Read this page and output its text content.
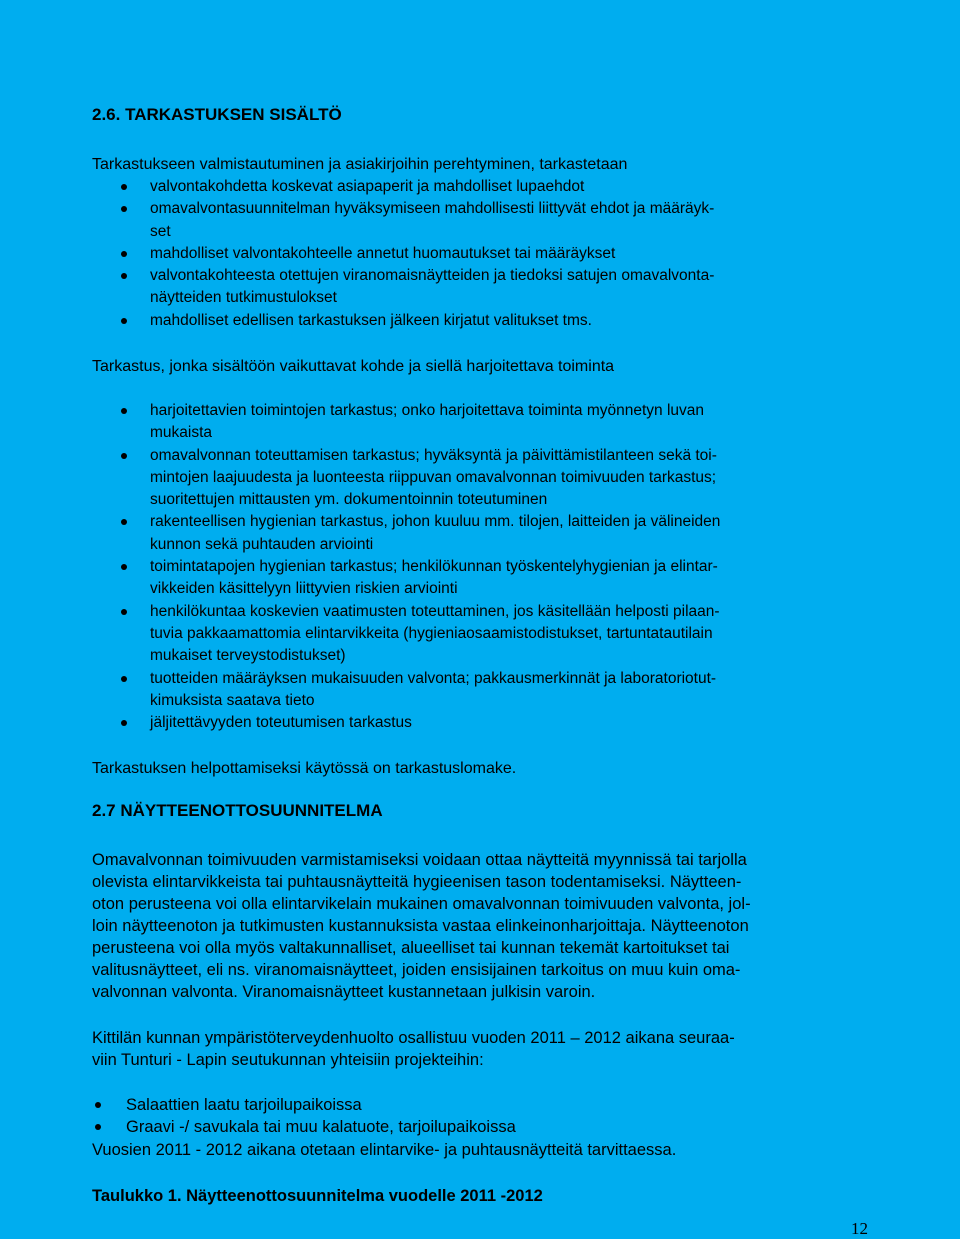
2.6. TARKASTUKSEN SISÄLTÖ

Tarkastukseen valmistautuminen ja asiakirjoihin perehtyminen, tarkastetaan

valvontakohdetta koskevat asiapaperit ja mahdolliset lupaehdot
omavalvontasuunnitelman hyväksymiseen mahdollisesti liittyvät ehdot ja määräyk-
set
mahdolliset valvontakohteelle annetut huomautukset tai määräykset
valvontakohteesta otettujen viranomaisnäytteiden ja tiedoksi satujen omavalvonta-
näytteiden tutkimustulokset
mahdolliset edellisen tarkastuksen jälkeen kirjatut valitukset tms.

Tarkastus, jonka sisältöön vaikuttavat kohde ja siellä harjoitettava toiminta

harjoitettavien toimintojen tarkastus; onko harjoitettava toiminta myönnetyn luvan
mukaista
omavalvonnan toteuttamisen tarkastus; hyväksyntä ja päivittämistilanteen sekä toi-
mintojen laajuudesta ja luonteesta riippuvan omavalvonnan toimivuuden tarkastus;
suoritettujen mittausten ym. dokumentoinnin toteutuminen
rakenteellisen hygienian tarkastus, johon kuuluu mm. tilojen, laitteiden ja välineiden
kunnon sekä puhtauden arviointi
toimintatapojen hygienian tarkastus; henkilökunnan työskentelyhygienian ja elintar-
vikkeiden käsittelyyn liittyvien riskien arviointi
henkilökuntaa koskevien vaatimusten toteuttaminen, jos käsitellään helposti pilaan-
tuvia pakkaamattomia elintarvikkeita (hygieniaosaamistodistukset, tartuntatautilain
mukaiset terveystodistukset)
tuotteiden määräyksen mukaisuuden valvonta; pakkausmerkinnät ja laboratoriotut-
kimuksista saatava tieto
jäljitettävyyden toteutumisen tarkastus

Tarkastuksen helpottamiseksi käytössä on tarkastuslomake.

2.7 NÄYTTEENOTTOSUUNNITELMA

Omavalvonnan toimivuuden varmistamiseksi voidaan ottaa näytteitä myynnissä tai tarjolla
olevista elintarvikkeista tai puhtausnäytteitä hygieenisen tason todentamiseksi. Näytteen-
oton perusteena voi olla elintarvikelain mukainen omavalvonnan toimivuuden valvonta, jol-
loin näytteenoton ja tutkimusten kustannuksista vastaa elinkeinonharjoittaja. Näytteenoton
perusteena voi olla myös valtakunnalliset, alueelliset tai kunnan tekemät kartoitukset tai
valitusnäytteet, eli ns. viranomaisnäytteet, joiden ensisijainen tarkoitus on muu kuin oma-
valvonnan valvonta. Viranomaisnäytteet kustannetaan julkisin varoin.

Kittilän kunnan ympäristöterveydenhuolto osallistuu vuoden 2011 – 2012 aikana seuraa-
viin Tunturi - Lapin seutukunnan yhteisiin projekteihin:

Salaattien laatu tarjoilupaikoissa
Graavi -/ savukala tai muu kalatuote, tarjoilupaikoissa

Vuosien 2011 - 2012 aikana otetaan elintarvike- ja puhtausnäytteitä tarvittaessa.

Taulukko 1. Näytteenottosuunnitelma vuodelle 2011 -2012
12
